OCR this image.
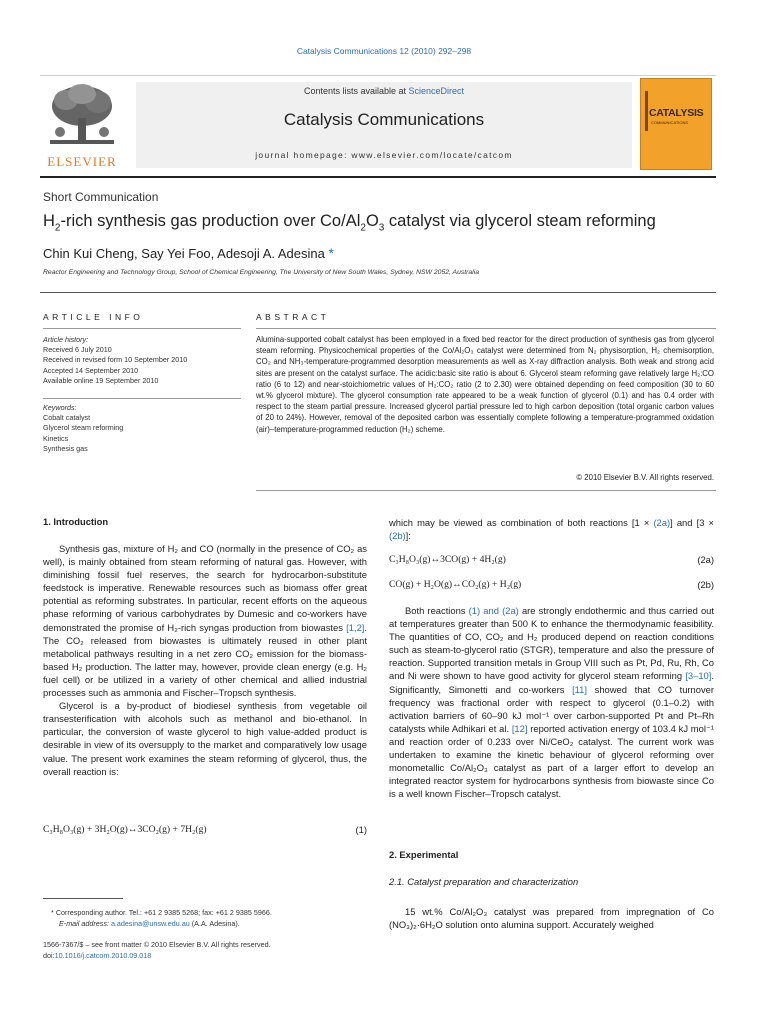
Catalysis Communications 12 (2010) 292–298
ELSEVIER
Contents lists available at ScienceDirect
Catalysis Communications
journal homepage: www.elsevier.com/locate/catcom
CATALYSIS
COMMUNICATIONS
Short Communication
$H_2$-rich synthesis gas production over $Co/Al_2O_3$ catalyst via glycerol steam reforming
Chin Kui Cheng, Say Yei Foo, Adesoji A. Adesina *
Reactor Engineering and Technology Group, School of Chemical Engineering, The University of New South Wales, Sydney, NSW 2052, Australia
ARTICLE INFO
Article history:
Received 6 July 2010
Received in revised form 10 September 2010
Accepted 14 September 2010
Available online 19 September 2010
Keywords:
Cobalt catalyst
Glycerol steam reforming
Kinetics
Synthesis gas
ABSTRACT
Alumina-supported cobalt catalyst has been employed in a fixed bed reactor for the direct production of synthesis gas from glycerol steam reforming. Physicochemical properties of the Co/Al₂O₃ catalyst were determined from N₂ physisorption, H₂ chemisorption, CO₂ and NH₃-temperature-programmed desorption measurements as well as X-ray diffraction analysis. Both weak and strong acid sites are present on the catalyst surface. The acidic:basic site ratio is about 6. Glycerol steam reforming gave relatively large H₂:CO ratio (6 to 12) and near-stoichiometric values of H₂:CO₂ ratio (2 to 2.30) were obtained depending on feed composition (30 to 60 wt.% glycerol mixture). The glycerol consumption rate appeared to be a weak function of glycerol (0.1) and has 0.4 order with respect to the steam partial pressure. Increased glycerol partial pressure led to high carbon deposition (total organic carbon values of 20 to 24%). However, removal of the deposited carbon was essentially complete following a temperature-programmed oxidation (air)–temperature-programmed reduction (H₂) scheme.
© 2010 Elsevier B.V. All rights reserved.
1. Introduction

Synthesis gas, mixture of H₂ and CO (normally in the presence of CO₂ as well), is mainly obtained from steam reforming of natural gas. However, with diminishing fossil fuel reserves, the search for hydrocarbon-substitute feedstock is imperative. Renewable resources such as biomass offer great potential as reforming substrates. In particular, recent efforts on the aqueous phase reforming of various carbohydrates by Dumesic and co-workers have demonstrated the promise of H₂-rich syngas production from biowastes [1,2]. The CO₂ released from biowastes is ultimately reused in other plant metabolical pathways resulting in a net zero CO₂ emission for the biomass-based H₂ production. The latter may, however, provide clean energy (e.g. H₂ fuel cell) or be utilized in a variety of other chemical and allied industrial processes such as ammonia and Fischer–Tropsch synthesis.

Glycerol is a by-product of biodiesel synthesis from vegetable oil transesterification with alcohols such as methanol and bio-ethanol. In particular, the conversion of waste glycerol to high value-added product is desirable in view of its oversupply to the market and comparatively low usage value. The present work examines the steam reforming of glycerol, thus, the overall reaction is:

C₃H₈O₃(g) + 3H₂O(g)↔3CO₂(g) + 7H₂(g)	(1)
* Corresponding author. Tel.: +61 2 9385 5268; fax: +61 2 9385 5966.
E-mail address: a.adesina@unsw.edu.au (A.A. Adesina).
1566-7367/$ – see front matter © 2010 Elsevier B.V. All rights reserved.
doi:10.1016/j.catcom.2010.09.018
which may be viewed as combination of both reactions [1 × (2a)] and [3 × (2b)]:
C₃H₈O₃(g)↔3CO(g) + 4H₂(g)	(2a)
CO(g) + H₂O(g)↔CO₂(g) + H₂(g)	(2b)

Both reactions (1) and (2a) are strongly endothermic and thus carried out at temperatures greater than 500 K to enhance the thermodynamic feasibility. The quantities of CO, CO₂ and H₂ produced depend on reaction conditions such as steam-to-glycerol ratio (STGR), temperature and also the pressure of reaction. Supported transition metals in Group VIII such as Pt, Pd, Ru, Rh, Co and Ni were shown to have good activity for glycerol steam reforming [3–10]. Significantly, Simonetti and co-workers [11] showed that CO turnover frequency was fractional order with respect to glycerol (0.1–0.2) with activation barriers of 60–90 kJ mol⁻¹ over carbon-supported Pt and Pt–Rh catalysts while Adhikari et al. [12] reported activation energy of 103.4 kJ mol⁻¹ and reaction order of 0.233 over Ni/CeO₂ catalyst. The current work was undertaken to examine the kinetic behaviour of glycerol reforming over monometallic Co/Al₂O₃ catalyst as part of a larger effort to develop an integrated reactor system for hydrocarbons synthesis from biowaste since Co is a well known Fischer–Tropsch catalyst.

2. Experimental
2.1. Catalyst preparation and characterization

15 wt.% Co/Al₂O₃ catalyst was prepared from impregnation of Co (NO₃)₂·6H₂O solution onto alumina support. Accurately weighed
